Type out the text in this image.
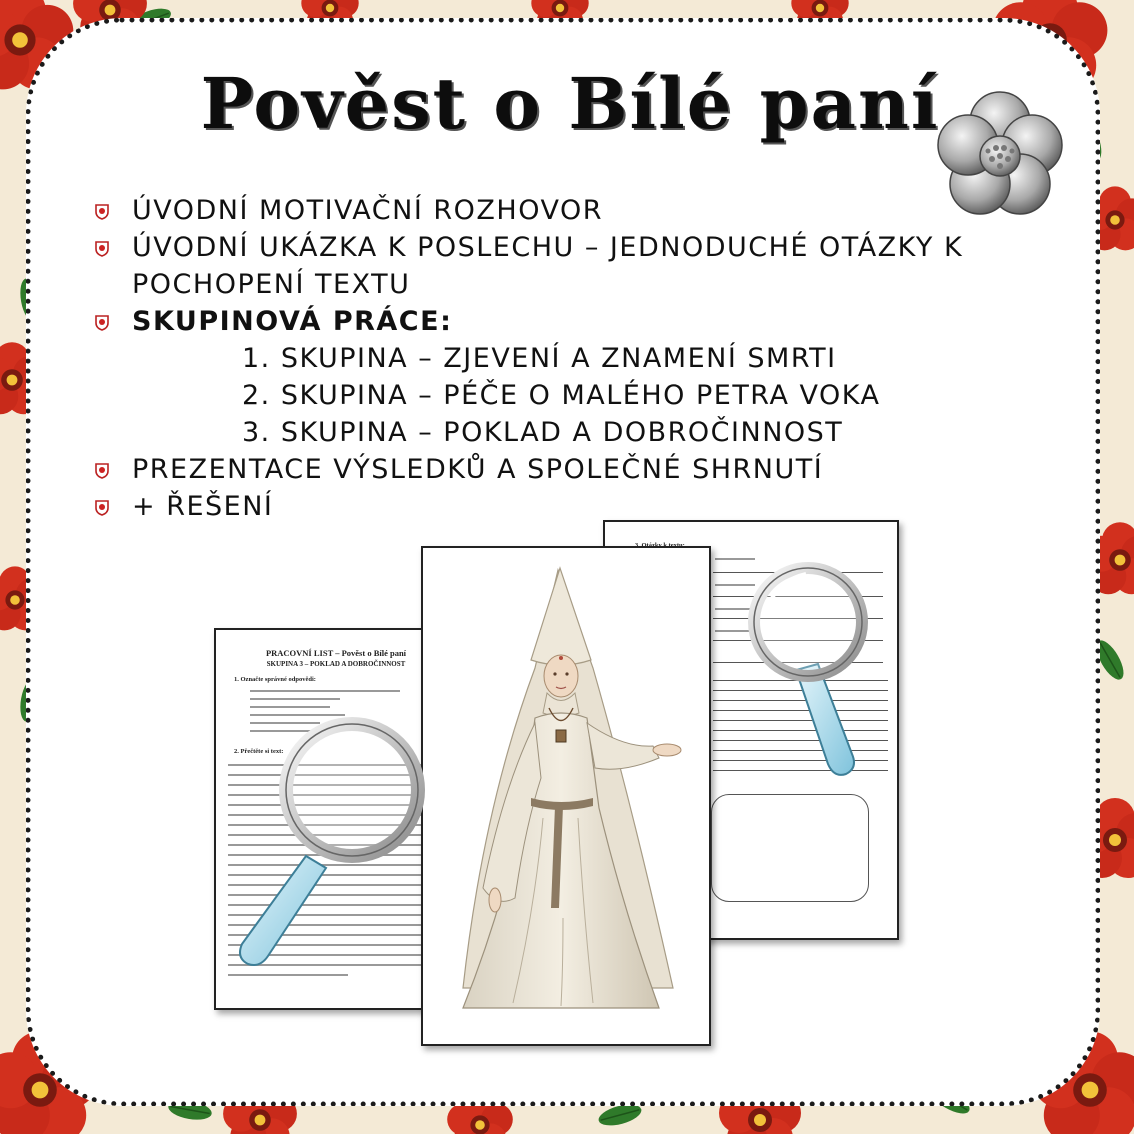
Pověst o Bílé paní
ÚVODNÍ MOTIVAČNÍ ROZHOVOR
ÚVODNÍ UKÁZKA K POSLECHU – JEDNODUCHÉ OTÁZKY K
POCHOPENÍ TEXTU
SKUPINOVÁ PRÁCE:
1. SKUPINA – ZJEVENÍ A ZNAMENÍ SMRTI
2. SKUPINA – PÉČE O MALÉHO PETRA VOKA
3. SKUPINA – POKLAD A DOBROČINNOST
PREZENTACE VÝSLEDKŮ A SPOLEČNÉ SHRNUTÍ
+ ŘEŠENÍ
PRACOVNÍ LIST – Pověst o Bílé paní
SKUPINA 3 – POKLAD A DOBROČINNOST
1. Označte správné odpovědi:
2. Přečtěte si text:
